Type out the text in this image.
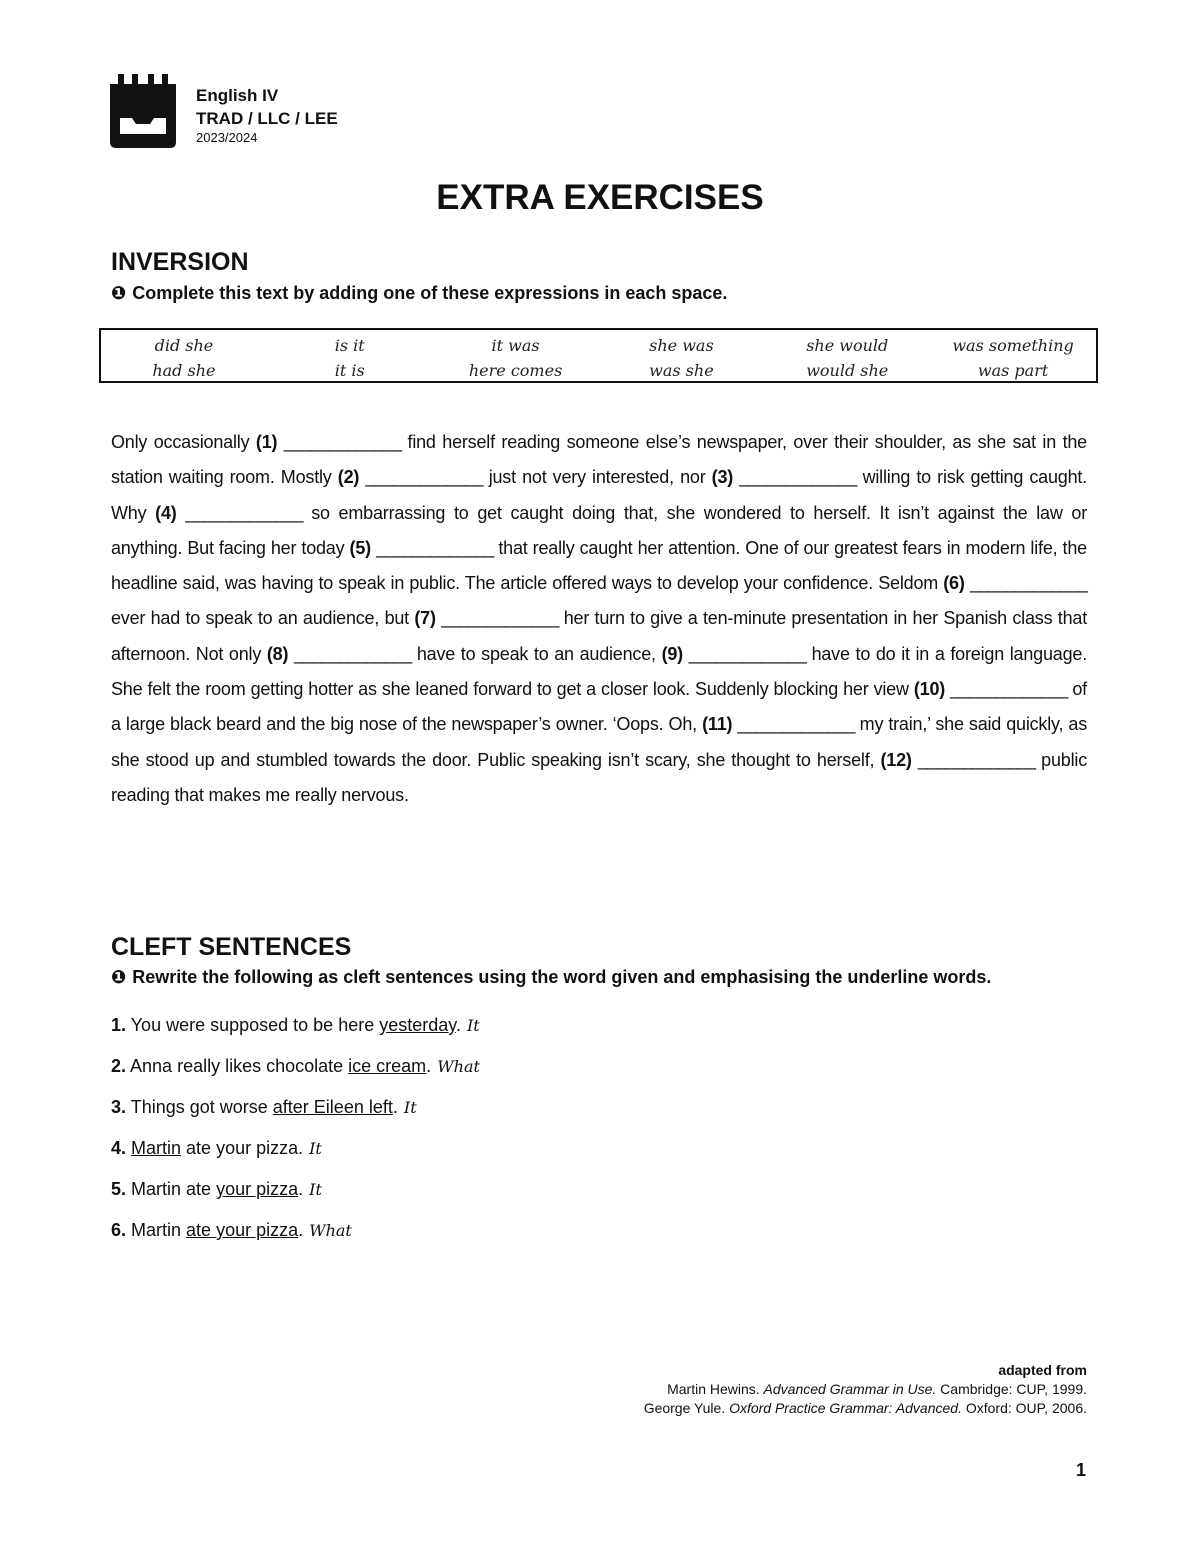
English IV
TRAD / LLC / LEE
2023/2024
EXTRA EXERCISES
INVERSION

❶ Complete this text by adding one of these expressions in each space.

did she	is it	it was	she was	she would	was something
had she	it is	here comes	was she	would she	was part

Only occasionally (1) _____________ find herself reading someone else’s newspaper, over their shoulder, as she sat in the station waiting room. Mostly (2) _____________ just not very interested, nor (3) _____________ willing to risk getting caught. Why (4) _____________ so embarrassing to get caught doing that, she wondered to herself. It isn’t against the law or anything. But facing her today (5) _____________ that really caught her attention. One of our greatest fears in modern life, the headline said, was having to speak in public. The article offered ways to develop your confidence. Seldom (6) _____________ ever had to speak to an audience, but (7) _____________ her turn to give a ten-minute presentation in her Spanish class that afternoon. Not only (8) _____________ have to speak to an audience, (9) _____________ have to do it in a foreign language. She felt the room getting hotter as she leaned forward to get a closer look. Suddenly blocking her view (10) _____________ of a large black beard and the big nose of the newspaper’s owner. ‘Oops. Oh, (11) _____________ my train,’ she said quickly, as she stood up and stumbled towards the door. Public speaking isn’t scary, she thought to herself, (12) _____________ public reading that makes me really nervous.

CLEFT SENTENCES

❶ Rewrite the following as cleft sentences using the word given and emphasising the underline words.

1. You were supposed to be here yesterday. It
2. Anna really likes chocolate ice cream. What
3. Things got worse after Eileen left. It
4. Martin ate your pizza. It
5. Martin ate your pizza. It
6. Martin ate your pizza. What
adapted from
Martin Hewins. Advanced Grammar in Use. Cambridge: CUP, 1999.
George Yule. Oxford Practice Grammar: Advanced. Oxford: OUP, 2006.
1
